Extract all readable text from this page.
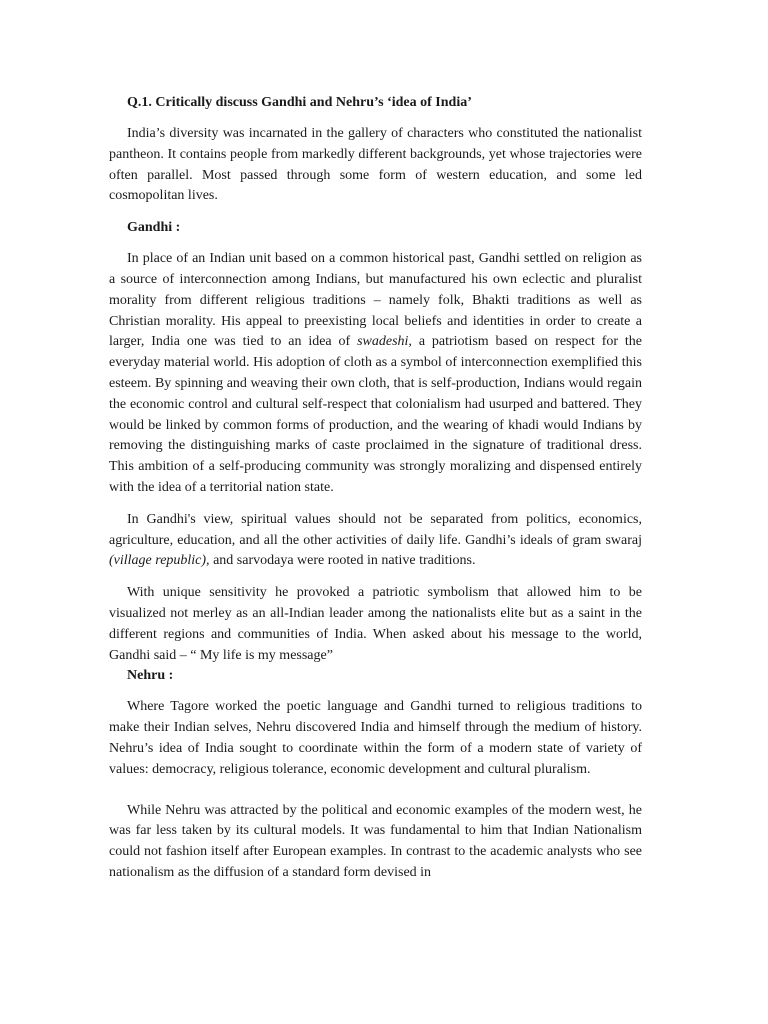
Q.1. Critically discuss Gandhi and Nehru’s ‘idea of India’

India’s diversity was incarnated in the gallery of characters who constituted the nationalist pantheon. It contains people from markedly different backgrounds, yet whose trajectories were often parallel. Most passed through some form of western education, and some led cosmopolitan lives.

Gandhi :

In place of an Indian unit based on a common historical past, Gandhi settled on religion as a source of interconnection among Indians, but manufactured his own eclectic and pluralist morality from different religious traditions – namely folk, Bhakti traditions as well as Christian morality. His appeal to preexisting local beliefs and identities in order to create a larger, India one was tied to an idea of swadeshi, a patriotism based on respect for the everyday material world. His adoption of cloth as a symbol of interconnection exemplified this esteem. By spinning and weaving their own cloth, that is self-production, Indians would regain the economic control and cultural self-respect that colonialism had usurped and battered. They would be linked by common forms of production, and the wearing of khadi would Indians by removing the distinguishing marks of caste proclaimed in the signature of traditional dress. This ambition of a self-producing community was strongly moralizing and dispensed entirely with the idea of a territorial nation state.

In Gandhi's view, spiritual values should not be separated from politics, economics, agriculture, education, and all the other activities of daily life. Gandhi’s ideals of gram swaraj (village republic), and sarvodaya were rooted in native traditions.

With unique sensitivity he provoked a patriotic symbolism that allowed him to be visualized not merley as an all-Indian leader among the nationalists elite but as a saint in the different regions and communities of India. When asked about his message to the world, Gandhi said – “ My life is my message”

Nehru :

Where Tagore worked the poetic language and Gandhi turned to religious traditions to make their Indian selves, Nehru discovered India and himself through the medium of history. Nehru’s idea of India sought to coordinate within the form of a modern state of variety of values: democracy, religious tolerance, economic development and cultural pluralism.

While Nehru was attracted by the political and economic examples of the modern west, he was far less taken by its cultural models. It was fundamental to him that Indian Nationalism could not fashion itself after European examples. In contrast to the academic analysts who see nationalism as the diffusion of a standard form devised in
